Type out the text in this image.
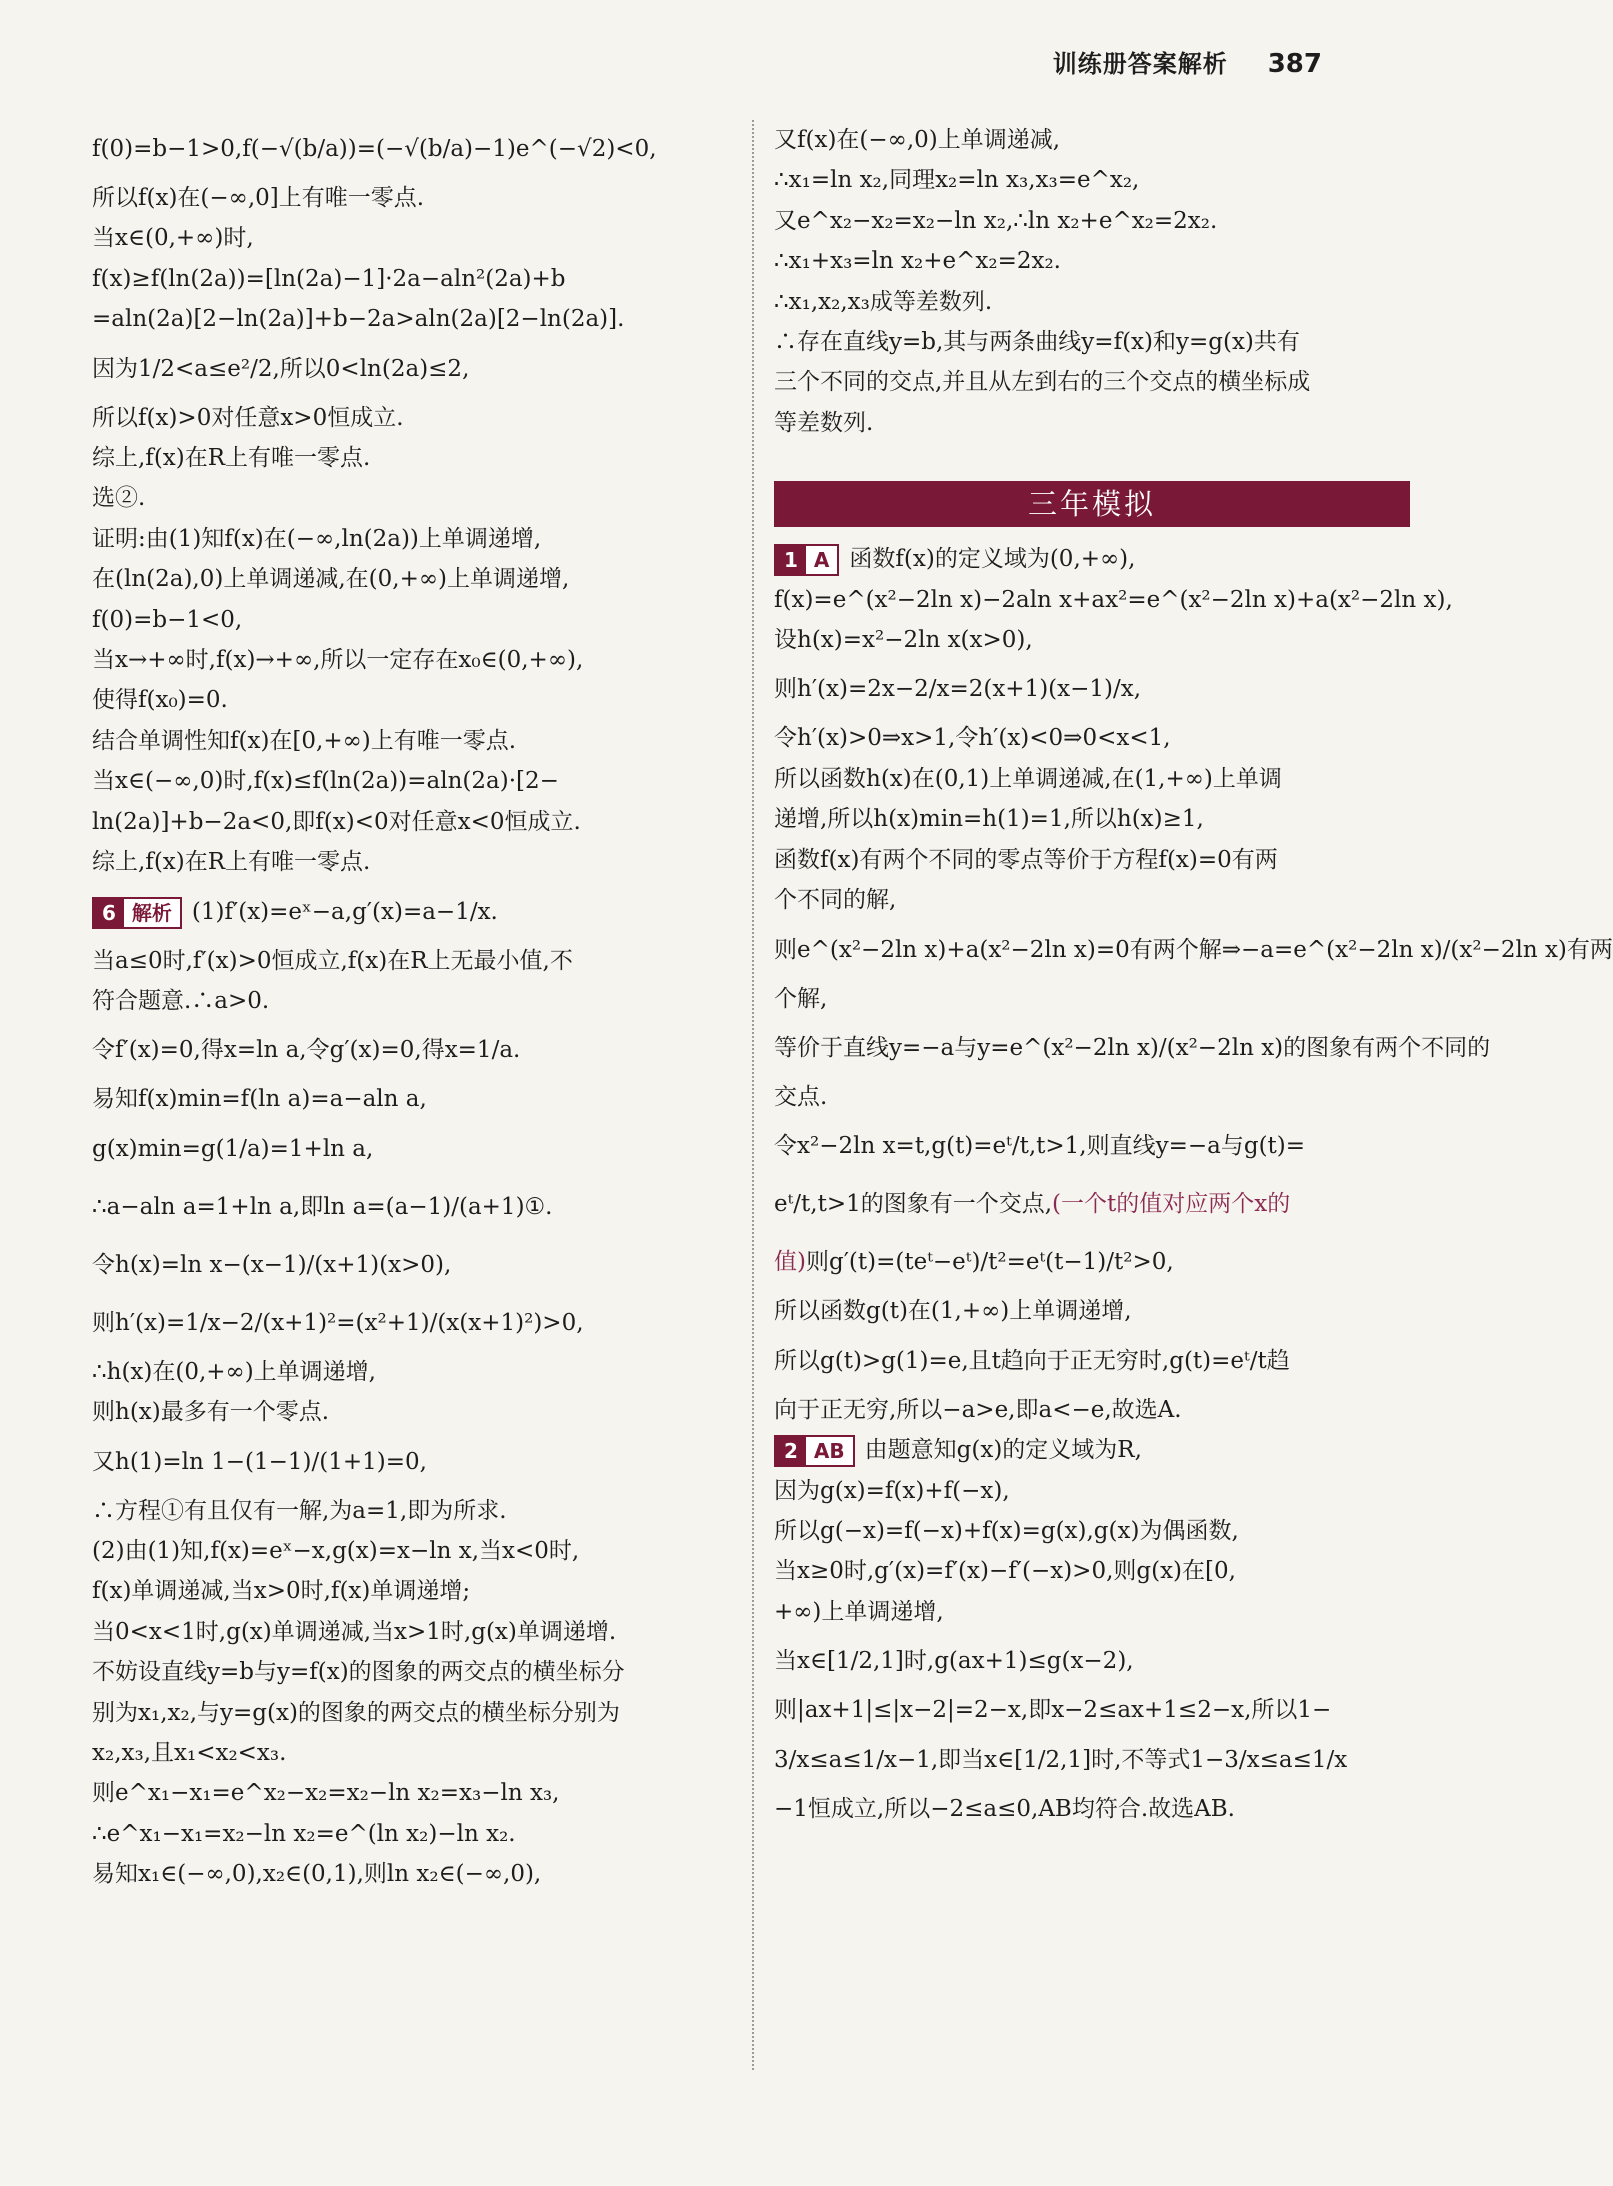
训练册答案解析 387
f(0)=b−1>0,f(−√(b/a))=(−√(b/a)−1)e^(−√2)<0,
所以f(x)在(−∞,0]上有唯一零点.
当x∈(0,+∞)时,
f(x)≥f(ln(2a))=[ln(2a)−1]·2a−aln²(2a)+b
=aln(2a)[2−ln(2a)]+b−2a>aln(2a)[2−ln(2a)].
因为1/2<a≤e²/2,所以0<ln(2a)≤2,
所以f(x)>0对任意x>0恒成立.
综上,f(x)在R上有唯一零点.
选②.
证明:由(1)知f(x)在(−∞,ln(2a))上单调递增,
在(ln(2a),0)上单调递减,在(0,+∞)上单调递增,
f(0)=b−1<0,
当x→+∞时,f(x)→+∞,所以一定存在x₀∈(0,+∞),
使得f(x₀)=0.
结合单调性知f(x)在[0,+∞)上有唯一零点.
当x∈(−∞,0)时,f(x)≤f(ln(2a))=aln(2a)·[2−
ln(2a)]+b−2a<0,即f(x)<0对任意x<0恒成立.
综上,f(x)在R上有唯一零点.
6 解析 (1)f′(x)=eˣ−a,g′(x)=a−1/x.
当a≤0时,f′(x)>0恒成立,f(x)在R上无最小值,不
符合题意.∴a>0.
令f′(x)=0,得x=ln a,令g′(x)=0,得x=1/a.
易知f(x)min=f(ln a)=a−aln a,
g(x)min=g(1/a)=1+ln a,
∴a−aln a=1+ln a,即ln a=(a−1)/(a+1)①.
令h(x)=ln x−(x−1)/(x+1)(x>0),
则h′(x)=1/x−2/(x+1)²=(x²+1)/(x(x+1)²)>0,
∴h(x)在(0,+∞)上单调递增,
则h(x)最多有一个零点.
又h(1)=ln 1−(1−1)/(1+1)=0,
∴方程①有且仅有一解,为a=1,即为所求.
(2)由(1)知,f(x)=eˣ−x,g(x)=x−ln x,当x<0时,
f(x)单调递减,当x>0时,f(x)单调递增;
当0<x<1时,g(x)单调递减,当x>1时,g(x)单调递增.
不妨设直线y=b与y=f(x)的图象的两交点的横坐标分
别为x₁,x₂,与y=g(x)的图象的两交点的横坐标分别为
x₂,x₃,且x₁<x₂<x₃.
则e^x₁−x₁=e^x₂−x₂=x₂−ln x₂=x₃−ln x₃,
∴e^x₁−x₁=x₂−ln x₂=e^(ln x₂)−ln x₂.
易知x₁∈(−∞,0),x₂∈(0,1),则ln x₂∈(−∞,0),
又f(x)在(−∞,0)上单调递减,
∴x₁=ln x₂,同理x₂=ln x₃,x₃=e^x₂,
又e^x₂−x₂=x₂−ln x₂,∴ln x₂+e^x₂=2x₂.
∴x₁+x₃=ln x₂+e^x₂=2x₂.
∴x₁,x₂,x₃成等差数列.
∴存在直线y=b,其与两条曲线y=f(x)和y=g(x)共有
三个不同的交点,并且从左到右的三个交点的横坐标成
等差数列.
三年模拟
1 A 函数f(x)的定义域为(0,+∞),
f(x)=e^(x²−2ln x)−2aln x+ax²=e^(x²−2ln x)+a(x²−2ln x),
设h(x)=x²−2ln x(x>0),
则h′(x)=2x−2/x=2(x+1)(x−1)/x,
令h′(x)>0⇒x>1,令h′(x)<0⇒0<x<1,
所以函数h(x)在(0,1)上单调递减,在(1,+∞)上单调
递增,所以h(x)min=h(1)=1,所以h(x)≥1,
函数f(x)有两个不同的零点等价于方程f(x)=0有两
个不同的解,
则e^(x²−2ln x)+a(x²−2ln x)=0有两个解⇒−a=e^(x²−2ln x)/(x²−2ln x)有两
个解,
等价于直线y=−a与y=e^(x²−2ln x)/(x²−2ln x)的图象有两个不同的
交点.
令x²−2ln x=t,g(t)=eᵗ/t,t>1,则直线y=−a与g(t)=
eᵗ/t,t>1的图象有一个交点,(一个t的值对应两个x的
值)则g′(t)=(teᵗ−eᵗ)/t²=eᵗ(t−1)/t²>0,
所以函数g(t)在(1,+∞)上单调递增,
所以g(t)>g(1)=e,且t趋向于正无穷时,g(t)=eᵗ/t趋
向于正无穷,所以−a>e,即a<−e,故选A.
2 AB 由题意知g(x)的定义域为R,
因为g(x)=f(x)+f(−x),
所以g(−x)=f(−x)+f(x)=g(x),g(x)为偶函数,
当x≥0时,g′(x)=f′(x)−f′(−x)>0,则g(x)在[0,
+∞)上单调递增,
当x∈[1/2,1]时,g(ax+1)≤g(x−2),
则|ax+1|≤|x−2|=2−x,即x−2≤ax+1≤2−x,所以1−
3/x≤a≤1/x−1,即当x∈[1/2,1]时,不等式1−3/x≤a≤1/x
−1恒成立,所以−2≤a≤0,AB均符合.故选AB.
